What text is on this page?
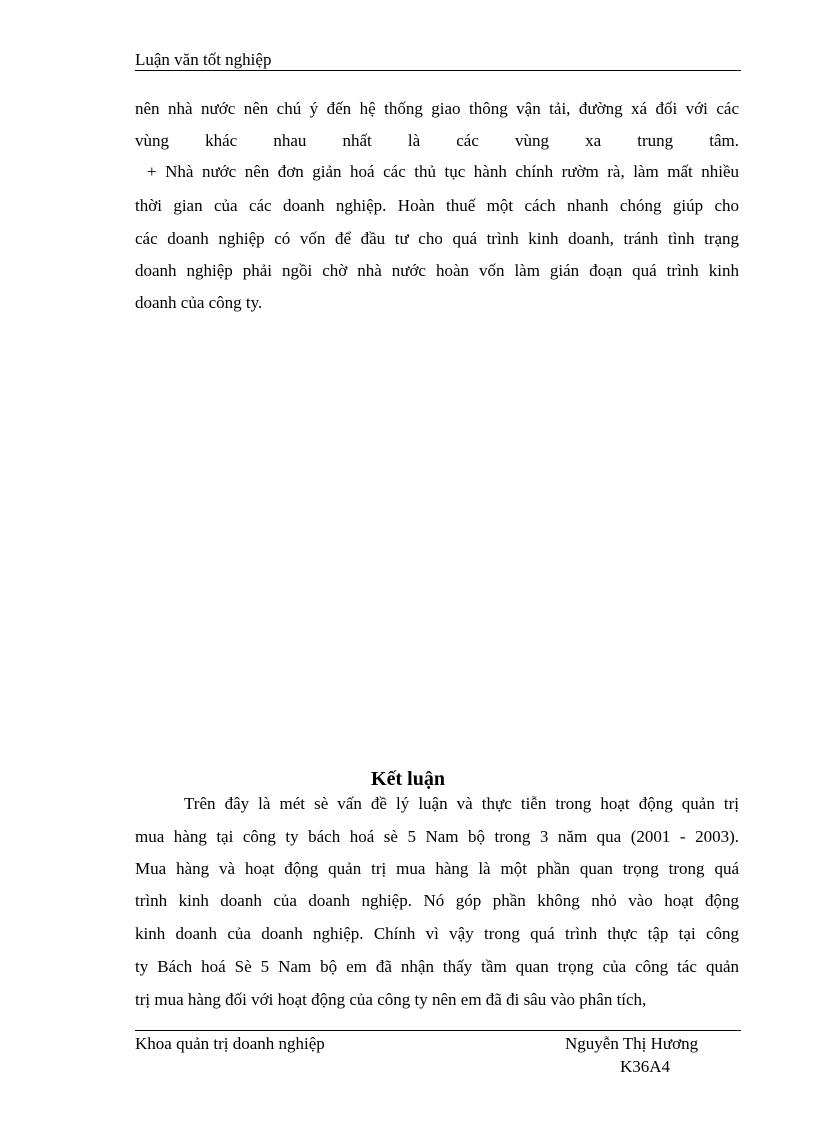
Luận văn tốt nghiệp
nên nhà nước nên chú ý đến hệ thống giao thông vận tải, đường xá đối với các
vùng khác nhau nhất là các vùng xa trung tâm.
+ Nhà nước nên đơn giản hoá các thủ tục hành chính rườm rà, làm mất nhiều
thời gian của các doanh nghiệp. Hoàn thuế một cách nhanh chóng giúp cho
các doanh nghiệp có vốn để đầu tư cho quá trình kinh doanh, tránh tình trạng
doanh nghiệp phải ngồi chờ nhà nước hoàn vốn làm gián đoạn quá trình kinh
doanh của công ty.
Kết luận
Trên đây là mét sè vấn đề lý luận và thực tiễn trong hoạt động quản trị
mua hàng tại công ty bách hoá sè 5 Nam bộ trong 3 năm qua (2001 - 2003).
Mua hàng và hoạt động quản trị mua hàng là một phần quan trọng trong quá
trình kinh doanh của doanh nghiệp. Nó góp phần không nhỏ vào hoạt động
kinh doanh của doanh nghiệp. Chính vì vậy trong quá trình thực tập tại công
ty Bách hoá Sè 5 Nam bộ em đã nhận thấy tầm quan trọng của công tác quản
trị mua hàng đối với hoạt động của công ty nên em đã đi sâu vào phân tích,
Khoa quản trị doanh nghiệp	Nguyễn Thị Hương
K36A4
